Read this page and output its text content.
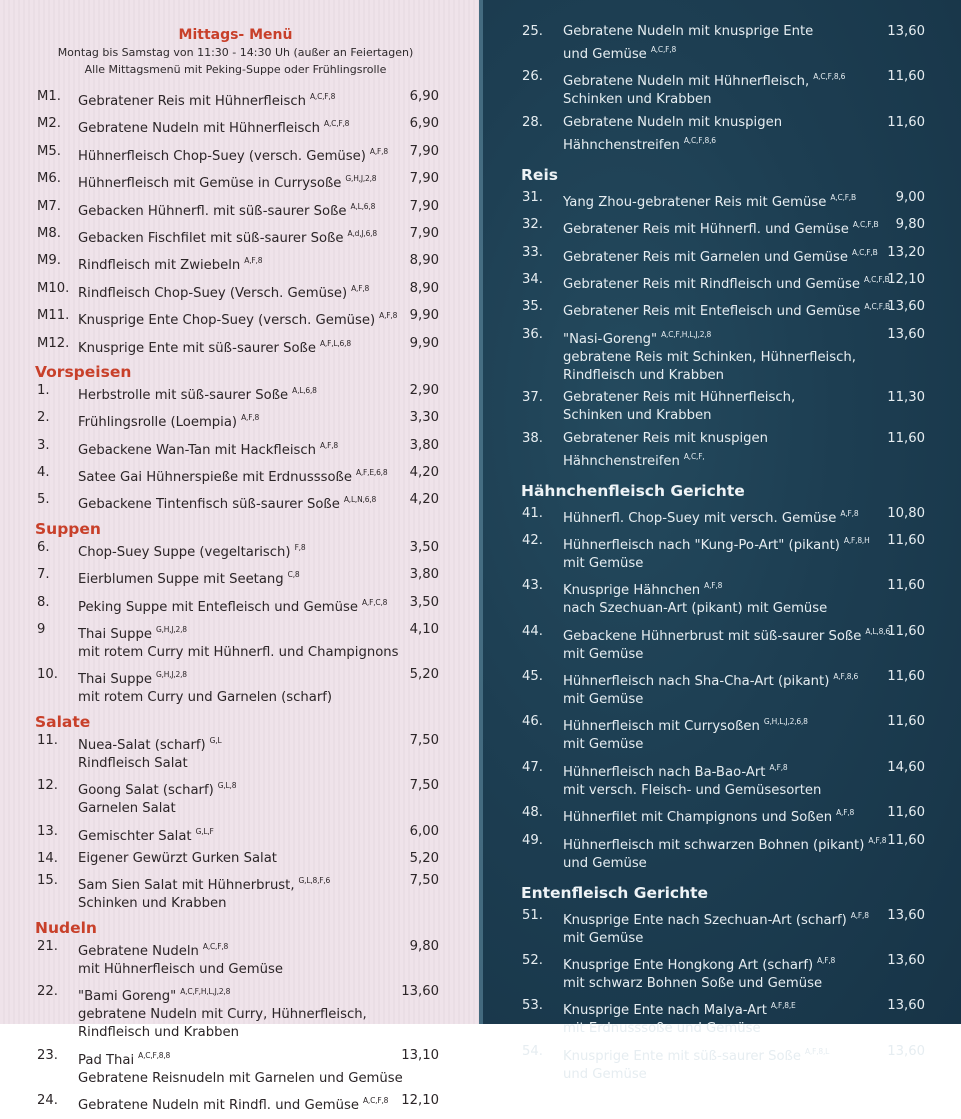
Mittags- Menü
Montag bis Samstag von 11:30 - 14:30 Uh (außer an Feiertagen)
Alle Mittagsmenü mit Peking-Suppe oder Frühlingsrolle
M1.	6,90
Gebratener Reis mit Hühnerfleisch $^{A,C,F,8}$
M2.	6,90
Gebratene Nudeln mit Hühnerfleisch $^{A,C,F,8}$
M5.	7,90
Hühnerfleisch Chop-Suey (versch. Gemüse) $^{A,F,8}$
M6.	7,90
Hühnerfleisch mit Gemüse in Currysoße $^{G,H,J,2,8}$
M7.	7,90
Gebacken Hühnerfl. mit süß-saurer Soße $^{A,L,6,8}$
M8.	7,90
Gebacken Fischfilet mit süß-saurer Soße $^{A,d,J,6,8}$
M9.	8,90
Rindfleisch mit Zwiebeln $^{A,F,8}$
M10.	8,90
Rindfleisch Chop-Suey (Versch. Gemüse) $^{A,F,8}$
M11.	9,90
Knusprige Ente Chop-Suey (versch. Gemüse) $^{A,F,8}$
M12.	9,90
Knusprige Ente mit süß-saurer Soße $^{A,F,L,6,8}$
Vorspeisen
1.	2,90
Herbstrolle mit süß-saurer Soße $^{A,L,6,8}$
2.	3,30
Frühlingsrolle (Loempia) $^{A,F,8}$
3.	3,80
Gebackene Wan-Tan mit Hackfleisch $^{A,F,8}$
4.	4,20
Satee Gai Hühnerspieße mit Erdnusssoße $^{A,F,E,6,8}$
5.	4,20
Gebackene Tintenfisch süß-saurer Soße $^{A,L,N,6,8}$
Suppen
6.	3,50
Chop-Suey Suppe (vegeltarisch) $^{F,8}$
7.	3,80
Eierblumen Suppe mit Seetang $^{C,8}$
8.	3,50
Peking Suppe mit Entefleisch und Gemüse $^{A,F,C,8}$
9	4,10
Thai Suppe $^{G,H,J,2,8}$
mit rotem Curry mit Hühnerfl. und Champignons
10.	5,20
Thai Suppe $^{G,H,J,2,8}$
mit rotem Curry und Garnelen (scharf)
Salate
11.	7,50
Nuea-Salat (scharf) $^{G,L}$
Rindfleisch Salat
12.	7,50
Goong Salat (scharf) $^{G,L,8}$
Garnelen Salat
13.	6,00
Gemischter Salat $^{G,L,F}$
14.	5,20
Eigener Gewürzt Gurken Salat
15.	7,50
Sam Sien Salat mit Hühnerbrust, $^{G,L,8,F,6}$
Schinken und Krabben
Nudeln
21.	9,80
Gebratene Nudeln $^{A,C,F,8}$
mit Hühnerfleisch und Gemüse
22.	13,60
"Bami Goreng" $^{A,C,F,H,L,J,2,8}$
gebratene Nudeln mit Curry, Hühnerfleisch,
Rindfleisch und Krabben
23.	13,10
Pad Thai $^{A,C,F,8,8}$
Gebratene Reisnudeln mit Garnelen und Gemüse
24.	12,10
Gebratene Nudeln mit Rindfl. und Gemüse $^{A,C,F,8}$
25.	13,60
Gebratene Nudeln mit knusprige Ente
und Gemüse $^{A,C,F,8}$
26.	11,60
Gebratene Nudeln mit Hühnerfleisch, $^{A,C,F,8,6}$
Schinken und Krabben
28.	11,60
Gebratene Nudeln mit knuspigen
Hähnchenstreifen $^{A,C,F,8,6}$
Reis
31.	9,00
Yang Zhou-gebratener Reis mit Gemüse $^{A,C,F,B}$
32.	9,80
Gebratener Reis mit Hühnerfl. und Gemüse $^{A,C,F,B}$
33.	13,20
Gebratener Reis mit Garnelen und Gemüse $^{A,C,F,B}$
34.	12,10
Gebratener Reis mit Rindfleisch und Gemüse $^{A,C,F,B}$
35.	13,60
Gebratener Reis mit Entefleisch und Gemüse $^{A,C,F,B}$
36.	13,60
"Nasi-Goreng" $^{A,C,F,H,L,J,2,8}$
gebratene Reis mit Schinken, Hühnerfleisch,
Rindfleisch und Krabben
37.	11,30
Gebratener Reis mit Hühnerfleisch,
Schinken und Krabben
38.	11,60
Gebratener Reis mit knuspigen
Hähnchenstreifen $^{A,C,F,}$
Hähnchenfleisch Gerichte
41.	10,80
Hühnerfl. Chop-Suey mit versch. Gemüse $^{A,F,8}$
42.	11,60
Hühnerfleisch nach "Kung-Po-Art" (pikant) $^{A,F,8,H}$
mit Gemüse
43.	11,60
Knusprige Hähnchen $^{A,F,8}$
nach Szechuan-Art (pikant) mit Gemüse
44.	11,60
Gebackene Hühnerbrust mit süß-saurer Soße $^{A,L,8,6}$
mit Gemüse
45.	11,60
Hühnerfleisch nach Sha-Cha-Art (pikant) $^{A,F,8,6}$
mit Gemüse
46.	11,60
Hühnerfleisch mit Currysoßen $^{G,H,L,J,2,6,8}$
mit Gemüse
47.	14,60
Hühnerfleisch nach Ba-Bao-Art $^{A,F,8}$
mit versch. Fleisch- und Gemüsesorten
48.	11,60
Hühnerfilet mit Champignons und Soßen $^{A,F,8}$
49.	11,60
Hühnerfleisch mit schwarzen Bohnen (pikant) $^{A,F,8}$
und Gemüse
Entenfleisch Gerichte
51.	13,60
Knusprige Ente nach Szechuan-Art (scharf) $^{A,F,8}$
mit Gemüse
52.	13,60
Knusprige Ente Hongkong Art (scharf) $^{A,F,8}$
mit schwarz Bohnen Soße und Gemüse
53.	13,60
Knusprige Ente nach Malya-Art $^{A,F,8,E}$
mit Erdnusssoße und Gemüse
54.	13,60
Knusprige Ente mit süß-saurer Soße $^{A,F,8,L}$
und Gemüse
